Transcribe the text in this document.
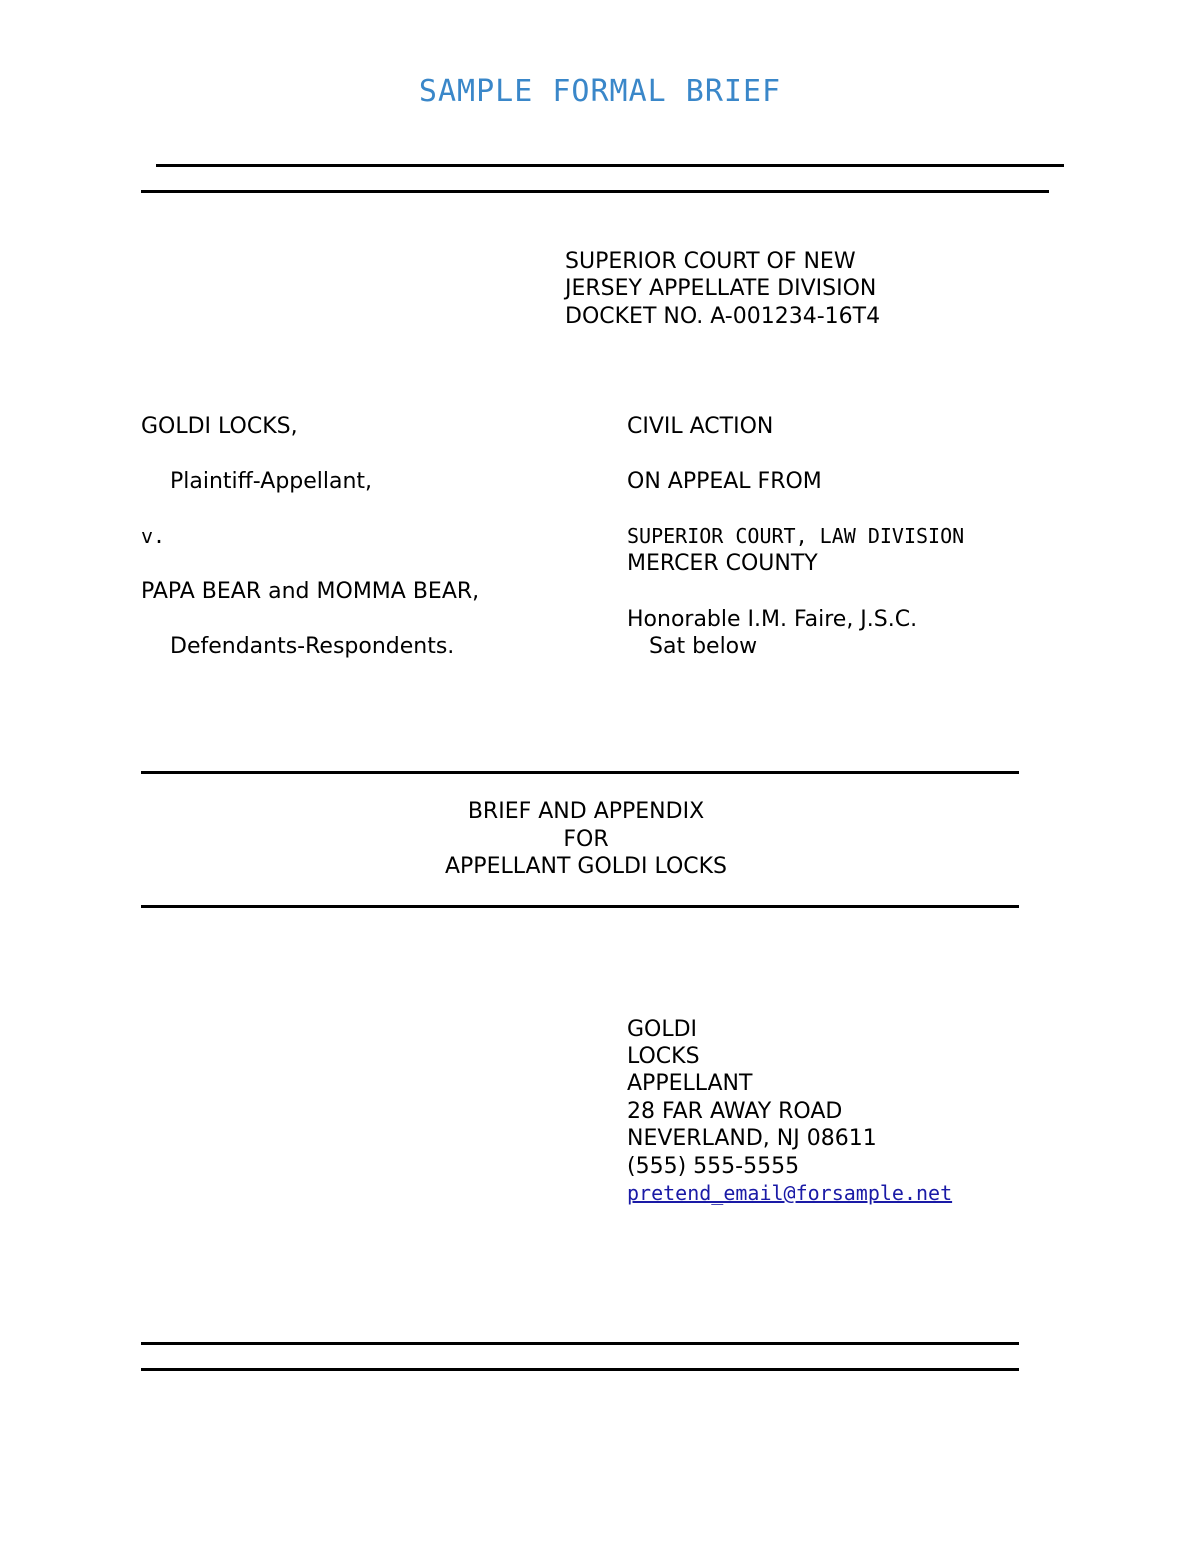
SAMPLE FORMAL BRIEF
SUPERIOR COURT OF NEW
JERSEY APPELLATE DIVISION
DOCKET NO. A-001234-16T4
GOLDI LOCKS,
Plaintiff-Appellant,
v.
PAPA BEAR and MOMMA BEAR,
Defendants-Respondents.
CIVIL ACTION
ON APPEAL FROM
SUPERIOR COURT, LAW DIVISION
MERCER COUNTY
Honorable I.M. Faire, J.S.C.
Sat below
BRIEF AND APPENDIX
FOR
APPELLANT GOLDI LOCKS
GOLDI
LOCKS
APPELLANT
28 FAR AWAY ROAD
NEVERLAND, NJ 08611
(555) 555-5555
pretend_email@forsample.net
